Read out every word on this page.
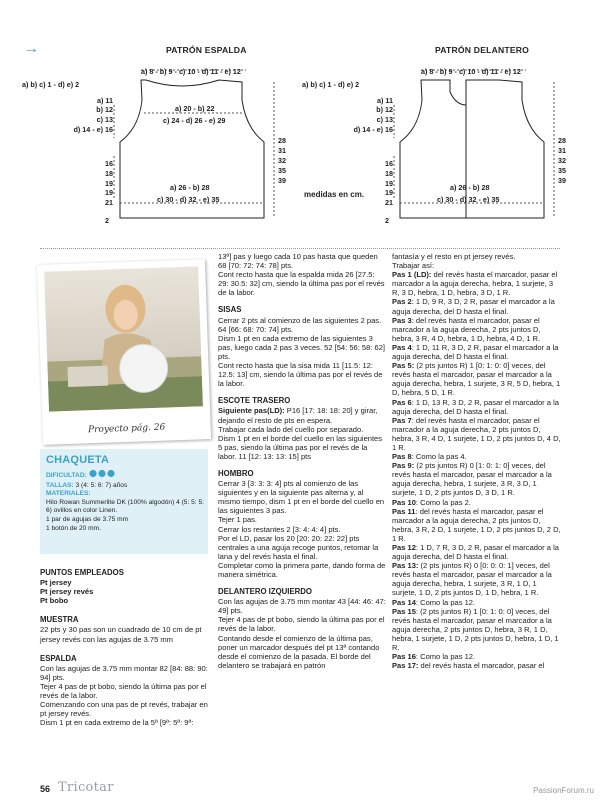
→	PATRÓN ESPALDA	PATRÓN DELANTERO
medidas en cm.
a) 8 - b) 9 - c) 10 - d) 11 - e) 12
a) b) c) 1 - d) e) 2
a) 20 - b) 22
c) 24 - d) 26 - e) 29
a) 11
b) 12
c) 13
d) 14 - e) 16
28
31
32
35
39
16
18
19
19
21
a) 26 - b) 28
c) 30 - d) 32 - e) 35
2
a) 8 - b) 9 - c) 10 - d) 11 - e) 12
a) b) c) 1 - d) e) 2
a) 11
b) 12
c) 13
d) 14 - e) 16
28
31
32
35
39
16
18
19
19
21
a) 26 - b) 28
c) 30 - d) 32 - e) 35
2
Proyecto pág. 26
CHAQUETA
DIFICULTAD:
TALLAS: 3 (4: 5: 6: 7) años
MATERIALES:
Hilo Rowan Summerlite DK (100% algodón) 4 (5: 5: 5:
6) ovillos en color Linen.
1 par de agujas de 3.75 mm
1 botón de 20 mm.

PUNTOS EMPLEADOS

Pt jersey

Pt jersey revés

Pt bobo

MUESTRA

22 pts y 30 pas son un cuadrado de 10 cm de pt jersey revés con las agujas de 3.75 mm

ESPALDA

Con las agujas de 3.75 mm montar 82 [84: 88: 90: 94] pts.

Tejer 4 pas de pt bobo, siendo la última pas por el revés de la labor.

Comenzando con una pas de pt revés, trabajar en pt jersey revés.

Dism 1 pt en cada extremo de la 5ª [9ª: 5ª: 9ª:

13ª] pas y luego cada 10 pas hasta que queden 68 [70: 72: 74: 78] pts.

Cont recto hasta que la espalda mida 26 [27.5: 29: 30.5: 32] cm, siendo la última pas por el revés de la labor.

SISAS

Cerrar 2 pts al comienzo de las siguientes 2 pas. 64 [66: 68: 70: 74] pts.

Dism 1 pt en cada extremo de las siguientes 3 pas, luego cada 2 pas 3 veces. 52 [54: 56: 58: 62] pts.

Cont recto hasta que la sisa mida 11 [11.5: 12: 12.5: 13] cm, siendo la última pas por el revés de la labor.

ESCOTE TRASERO

Siguiente pas(LD): P16 [17: 18: 18: 20] y girar, dejando el resto de pts en espera.

Trabajar cada lado del cuello por separado.

Dism 1 pt en el borde del cuello en las siguientes 5 pas, siendo la última pas por el revés de la labor. 11 [12: 13: 13: 15] pts

HOMBRO

Cerrar 3 [3: 3: 3: 4] pts al comienzo de las siguientes y en la siguiente pas alterna y, al mismo tiempo, dism 1 pt en el borde del cuello en las siguientes 3 pas.

Tejer 1 pas.

Cerrar los restantes 2 [3: 4: 4: 4] pts.

Por el LD, pasar los 20 [20: 20: 22: 22] pts centrales a una aguja recoge puntos, retomar la lana y del revés hasta el final.

Completar como la primera parte, dando forma de manera simétrica.

DELANTERO IZQUIERDO

Con las agujas de 3.75 mm montar 43 [44: 46: 47: 49] pts.

Tejer 4 pas de pt bobo, siendo la última pas por el revés de la labor.

Contando desde el comienzo de la última pas, poner un marcador después del pt 13ª contando desde el comienzo de la pasada. El borde del delantero se trabajará en patrón

fantasía y el resto en pt jersey revés.

Trabajar así:

Pas 1 (LD): del revés hasta el marcador, pasar el marcador a la aguja derecha, hebra, 1 surjete, 3 R, 3 D, hebra, 1 D, hebra, 3 D, 1 R.

Pas 2: 1 D, 9 R, 3 D, 2 R, pasar el marcador a la aguja derecha, del D hasta el final.

Pas 3: del revés hasta el marcador, pasar el marcador a la aguja derecha, 2 pts juntos D, hebra, 3 R, 4 D, hebra, 1 D, hebra, 4 D, 1 R.

Pas 4: 1 D, 11 R, 3 D, 2 R, pasar el marcador a la aguja derecha, del D hasta el final.

Pas 5: (2 pts juntos R) 1 [0: 1: 0: 0] veces, del revés hasta el marcador, pasar el marcador a la aguja derecha, hebra, 1 surjete, 3 R, 5 D, hebra, 1 D, hebra, 5 D, 1 R.

Pas 6: 1 D, 13 R, 3 D, 2 R, pasar el marcador a la aguja derecha, del D hasta el final.

Pas 7: del revés hasta el marcador, pasar el marcador a la aguja derecha, 2 pts juntos D, hebra, 3 R, 4 D, 1 surjete, 1 D, 2 pts juntos D, 4 D, 1 R.

Pas 8: Como la pas 4.

Pas 9: (2 pts juntos R) 0 [1: 0: 1: 0] veces, del revés hasta el marcador, pasar el marcador a la aguja derecha, hebra, 1 surjete, 3 R, 3 D, 1 surjete, 1 D, 2 pts juntos D, 3 D, 1 R.

Pas 10: Como la pas 2.

Pas 11: del revés hasta el marcador, pasar el marcador a la aguja derecha, 2 pts juntos D, hebra, 3 R, 2 D, 1 surjete, 1 D, 2 pts juntos D, 2 D, 1 R.

Pas 12: 1 D, 7 R, 3 D, 2 R, pasar el marcador a la aguja derecha, del D hasta el final.

Pas 13: (2 pts juntos R) 0 [0: 0: 0: 1] veces, del revés hasta el marcador, pasar el marcador a la aguja derecha, hebra, 1 surjete, 3 R, 1 D, 1 surjete, 1 D, 2 pts juntos D, 1 D, hebra, 1 R.

Pas 14: Como la pas 12.

Pas 15: (2 pts juntos R) 1 [0: 1: 0: 0] veces, del revés hasta el marcador, pasar el marcador a la aguja derecha, 2 pts juntos D, hebra, 3 R, 1 D, hebra, 1 surjete, 1 D, 2 pts juntos D, hebra, 1 D, 1 R.

Pas 16: Como la pas 12.

Pas 17: del revés hasta el marcador, pasar el

56 Tricotar	PassionForum.ru
